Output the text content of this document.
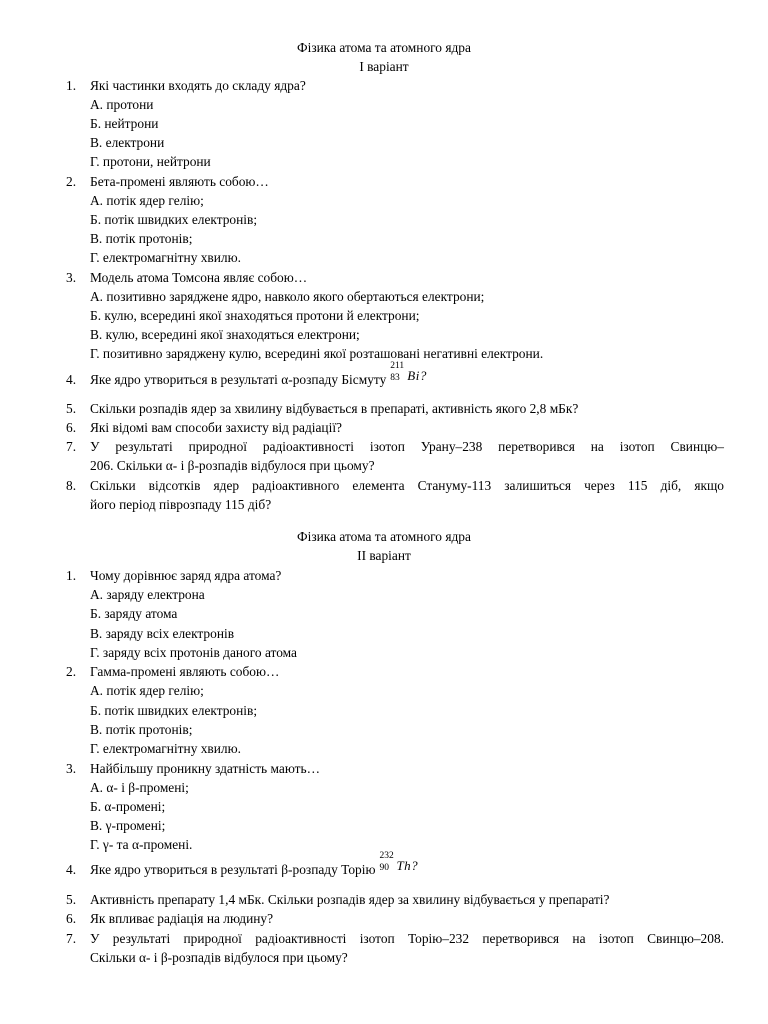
Фізика атома та атомного ядра
І варіант
1. Які частинки входять до складу ядра?
А. протони
Б. нейтрони
В. електрони
Г. протони, нейтрони
2. Бета-промені являють собою…
А. потік ядер гелію;
Б. потік швидких електронів;
В. потік протонів;
Г. електромагнітну хвилю.
3. Модель атома Томсона являє собою…
А. позитивно заряджене ядро, навколо якого обертаються електрони;
Б. кулю, всередині якої знаходяться протони й електрони;
В. кулю, всередині якої знаходяться електрони;
Г. позитивно заряджену кулю, всередині якої розташовані негативні електрони.
4. Яке ядро утвориться в результаті α-розпаду Бісмуту
211
83 Bi?
5. Скільки розпадів ядер за хвилину відбувається в препараті, активність якого 2,8 мБк?
6. Які відомі вам способи захисту від радіації?
7. У результаті природної радіоактивності ізотоп Урану–238 перетворився на ізотоп Свинцю–
206. Скільки α- і β-розпадів відбулося при цьому?
8. Скільки відсотків ядер радіоактивного елемента Стануму-113 залишиться через 115 діб, якщо
його період піврозпаду 115 діб?
Фізика атома та атомного ядра
ІІ варіант
1. Чому дорівнює заряд ядра атома?
А. заряду електрона
Б. заряду атома
В. заряду всіх електронів
Г. заряду всіх протонів даного атома
2. Гамма-промені являють собою…
А. потік ядер гелію;
Б. потік швидких електронів;
В. потік протонів;
Г. електромагнітну хвилю.
3. Найбільшу проникну здатність мають…
А. α- і β-промені;
Б. α-промені;
В. γ-промені;
Г. γ- та α-промені.
4. Яке ядро утвориться в результаті β-розпаду Торію
232
90 Th?
5. Активність препарату 1,4 мБк. Скільки розпадів ядер за хвилину відбувається у препараті?
6. Як впливає радіація на людину?
7. У результаті природної радіоактивності ізотоп Торію–232 перетворився на ізотоп Свинцю–208.
Скільки α- і β-розпадів відбулося при цьому?
